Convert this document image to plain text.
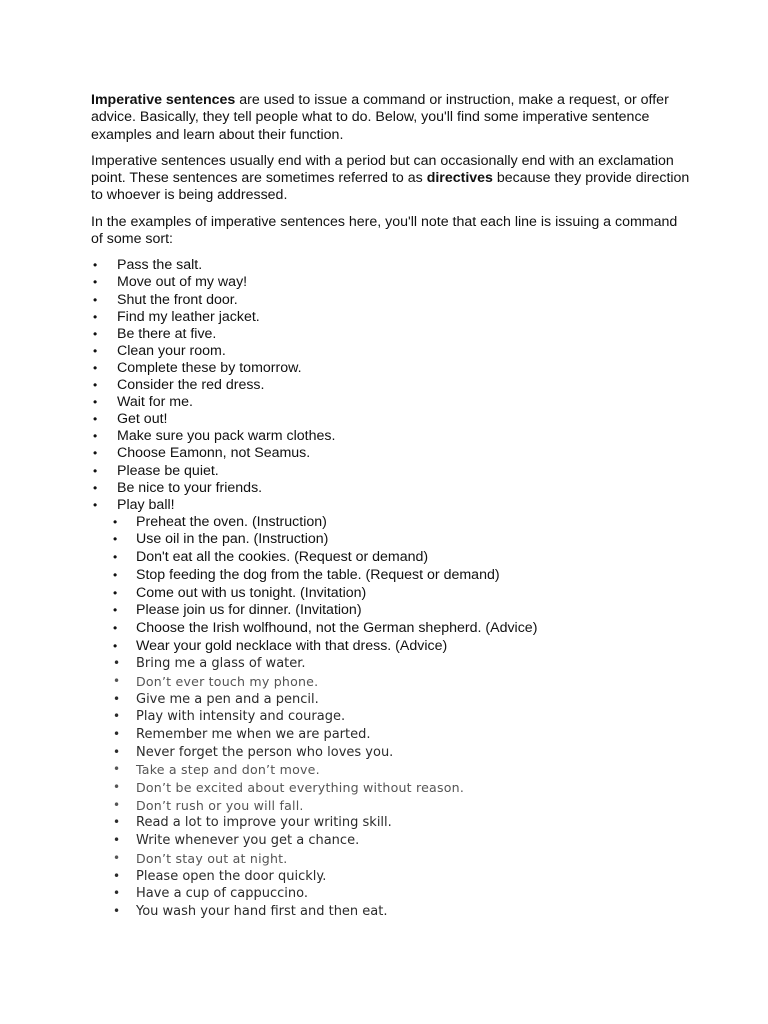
Imperative sentences are used to issue a command or instruction, make a request, or offer advice. Basically, they tell people what to do. Below, you'll find some imperative sentence examples and learn about their function.

Imperative sentences usually end with a period but can occasionally end with an exclamation point. These sentences are sometimes referred to as directives because they provide direction to whoever is being addressed.

In the examples of imperative sentences here, you'll note that each line is issuing a command of some sort:

• Pass the salt.
• Move out of my way!
• Shut the front door.
• Find my leather jacket.
• Be there at five.
• Clean your room.
• Complete these by tomorrow.
• Consider the red dress.
• Wait for me.
• Get out!
• Make sure you pack warm clothes.
• Choose Eamonn, not Seamus.
• Please be quiet.
• Be nice to your friends.
• Play ball!
• Preheat the oven. (Instruction)
• Use oil in the pan. (Instruction)
• Don't eat all the cookies. (Request or demand)
• Stop feeding the dog from the table. (Request or demand)
• Come out with us tonight. (Invitation)
• Please join us for dinner. (Invitation)
• Choose the Irish wolfhound, not the German shepherd. (Advice)
• Wear your gold necklace with that dress. (Advice)
• Bring me a glass of water.
• Don’t ever touch my phone.
• Give me a pen and a pencil.
• Play with intensity and courage.
• Remember me when we are parted.
• Never forget the person who loves you.
• Take a step and don’t move.
• Don’t be excited about everything without reason.
• Don’t rush or you will fall.
• Read a lot to improve your writing skill.
• Write whenever you get a chance.
• Don’t stay out at night.
• Please open the door quickly.
• Have a cup of cappuccino.
• You wash your hand first and then eat.
